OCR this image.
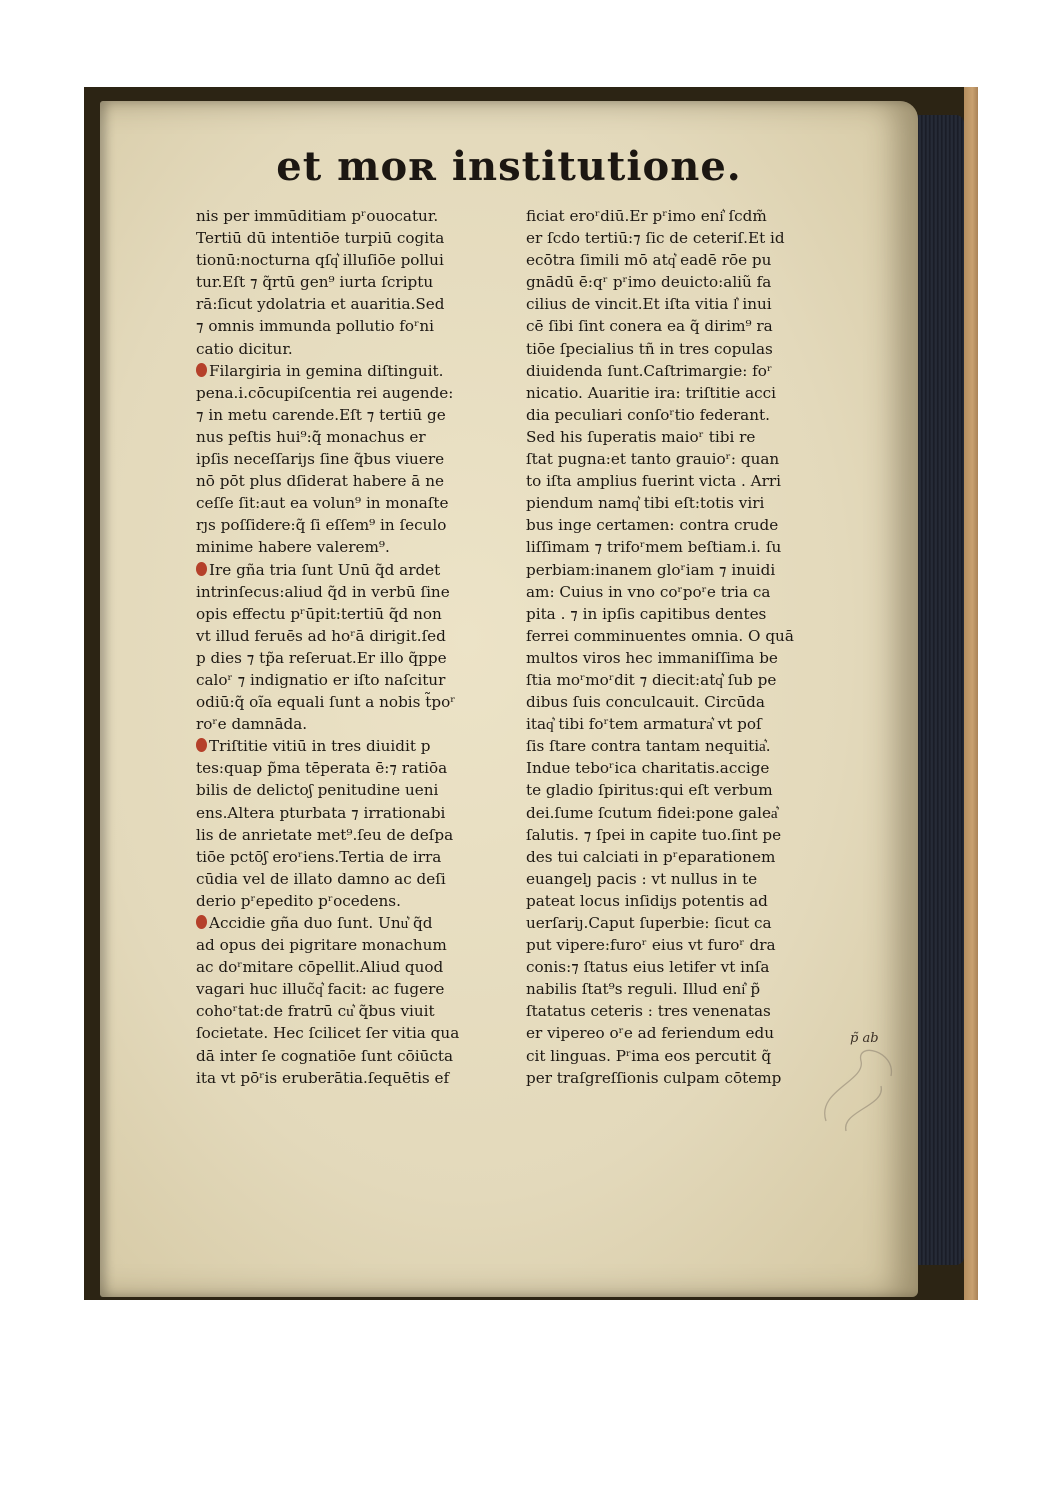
et moʀ institutione.
nis per immūditiam pʳouocatur.
Tertiū dū intentiōe turpiū cogita
tionū:nocturna qſq͛ illuſiōe pollui
tur.Eſt ⁊ q̃rtū gen⁹ iurta ſcriptu
rā:ſicut ydolatria et auaritia.Sed
⁊ omnis immunda pollutio foʳni
catio dicitur.
Filargiria in gemina diſtinguit.
pena.i.cōcupiſcentia rei augende:
⁊ in metu carende.Eſt ⁊ tertiū ge
nus peſtis hui⁹:q̃̃ monachus er
ipſis neceſſariȷs ſine q̃bus viuere
nō pōt plus dſiderat habere ā ne
ceſſe ſit:aut ea volun⁹ in monaſte
rȷs poſſidere:q̃ ſi eſſem⁹ in ſeculo
minime habere valerem⁹.
Ire gña tria ſunt Unū q̃d ardet
intrinſecus:aliud q̃d in verbū ſine
opis effectu pʳūpit:tertiū q̃d non
vt illud feruēs ad hoʳā dirigit.ſed
p dies ⁊ tp̃a reſeruat.Er illo q̃ppe
caloʳ ⁊ indignatio er iſto naſcitur
odiū:q̃ oĩa equali ſunt a nobis t̃poʳ
roʳe damnāda.
Triſtitie vitiū in tres diuidit p
tes:quap p̃ma tēperata ē:⁊ ratiōa
bilis de delictoʃ penitudine ueni
ens.Altera pturbata ⁊ irrationabi
lis de anrietate met⁹.ſeu de deſpa
tiōe pctōʃ eroʳiens.Tertia de irra
cūdia vel de illato damno ac deſi
derio pʳepedito pʳocedens.
Accidie gña duo ſunt. Unu͛ q̃d
ad opus dei pigritare monachum
ac doʳmitare cōpellit.Aliud quod
vagari huc illuc̃q͛ facit: ac fugere
cohoʳtat:de fratrū cu͛ q̃bus viuit
ſocietate. Hec ſcilicet ſer vitia qua
dā inter ſe cognatiōe ſunt cōiūcta
ita vt pōʳis eruberātia.ſequētis ef
ficiat eroʳdiū.Er pʳimo eni͛ ſcdm̃
er ſcdo tertiū:⁊ ſic de ceteriſ.Et id
ecōtra ſimili mō atq͛ eadē rōe pu
gnādū ē:qʳ pʳimo deuicto:aliũ fa
cilius de vincit.Et iſta vitia l͛ inui
cē ſibi ſint conera ea q̃ dirim⁹ ra
tiōe ſpecialius tñ in tres copulas
diuidenda ſunt.Caſtrimargie: foʳ
nicatio. Auaritie ira: triſtitie acci
dia peculiari conſoʳtio federant.
Sed his ſuperatis maioʳ tibi re
ſtat pugna:et tanto grauioʳ: quan
to iſta amplius fuerint victa . Arri
piendum namq͛ tibi eſt:totis viri
bus inge certamen: contra crude
liſſimam ⁊ trifoʳmem beſtiam.i. ſu
perbiam:inanem gloʳiam ⁊ inuidi
am: Cuius in vno coʳpoʳe tria ca
pita . ⁊ in ipſis capitibus dentes
ferrei comminuentes omnia. O quā
multos viros hec immaniſſima be
ſtia moʳmoʳdit ⁊ diecit:atq͛ ſub pe
dibus ſuis conculcauit. Circūda
itaq͛ tibi foʳtem armatura͛ vt poſ
ſis ſtare contra tantam nequitia͛.
Indue teboʳica charitatis.accige
te gladio ſpiritus:qui eſt verbum
dei.ſume ſcutum fidei:pone galea͛
ſalutis. ⁊ ſpei in capite tuo.ſint pe
des tui calciati in pʳeparationem
euangelȷ pacis : vt nullus in te
pateat locus inſidiȷs potentis ad
uerſariȷ.Caput ſuperbie: ſicut ca
put vipere:furoʳ eius vt furoʳ dra
conis:⁊ ſtatus eius letifer vt inſa
nabilis ſtat⁹s reguli. Illud eni͛ p̃
ſtatatus ceteris : tres venenatas
er vipereo oʳe ad feriendum edu
cit linguas. Pʳima eos percutit q̃
per traſgreſſionis culpam cōtemp
p̃ ab
